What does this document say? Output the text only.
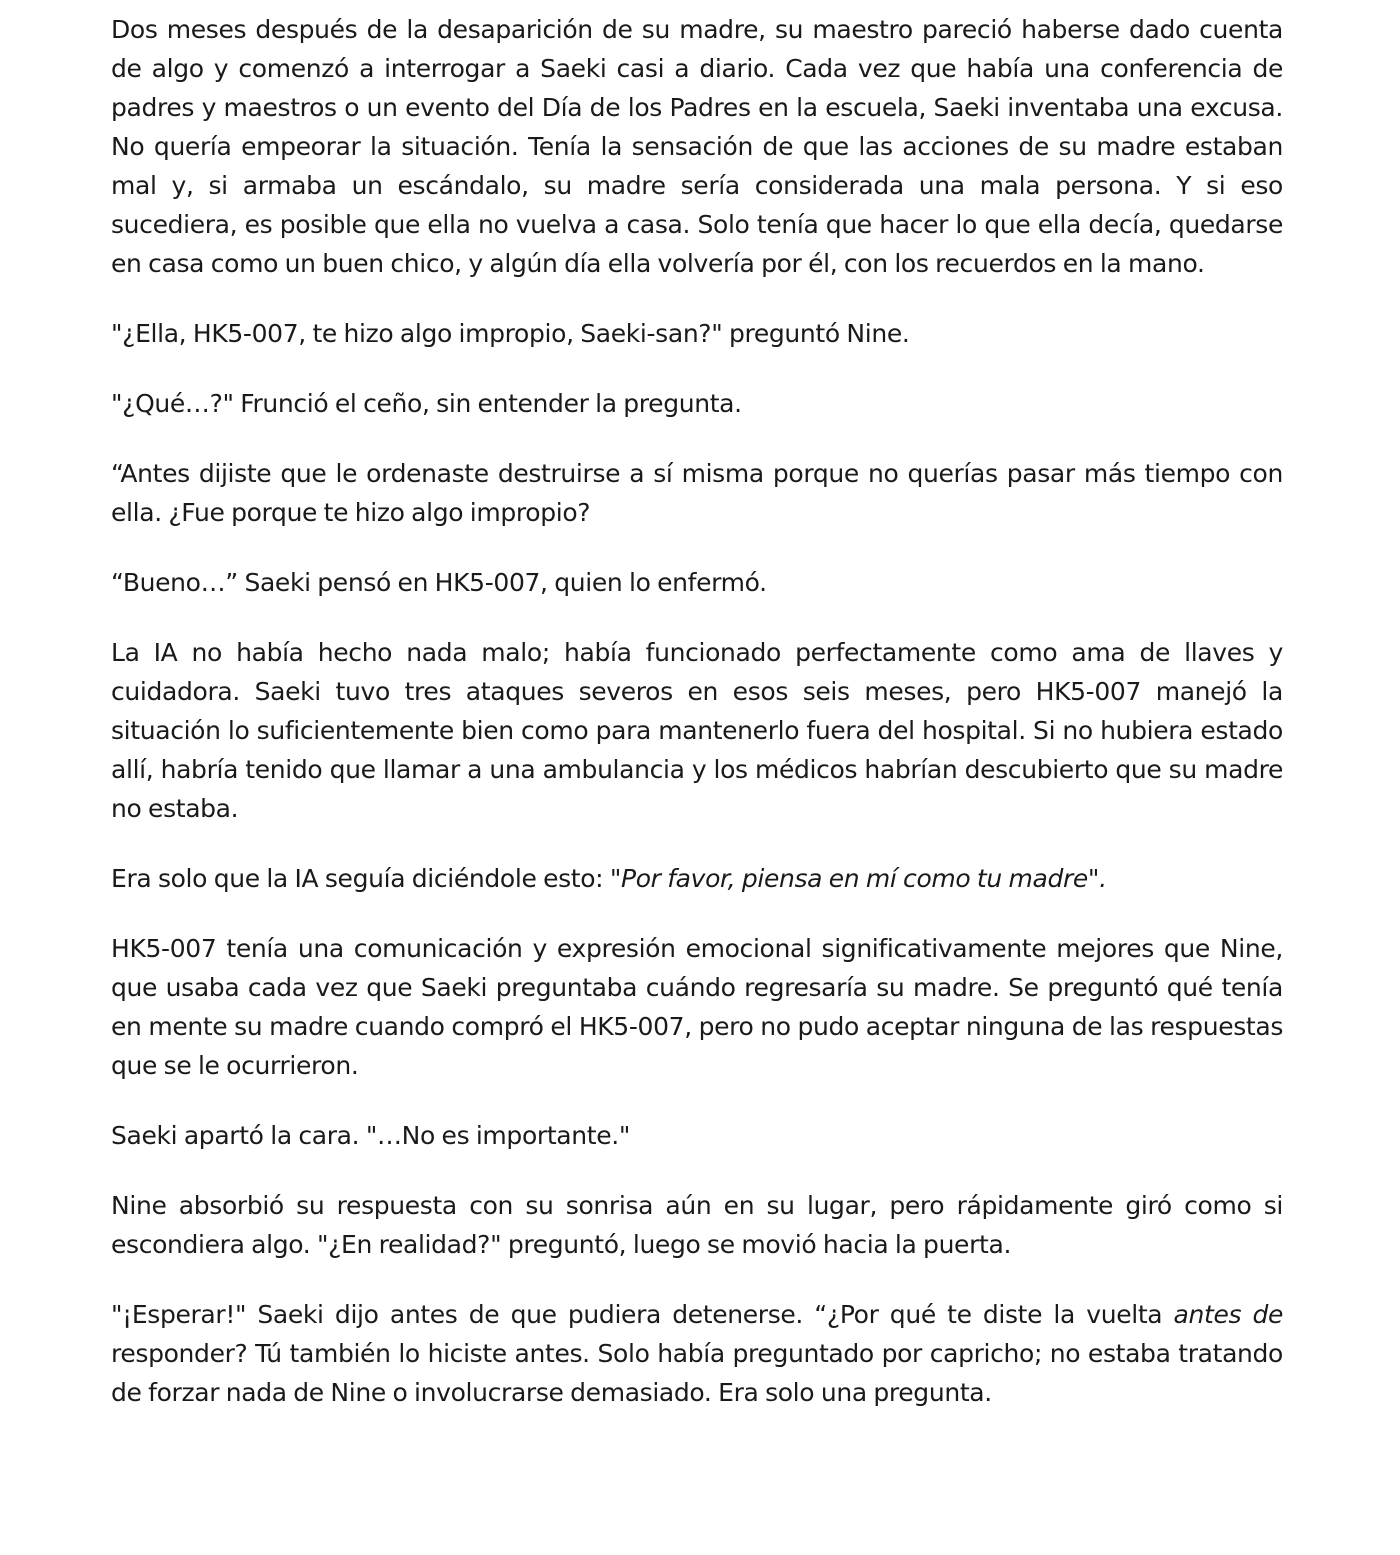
Dos meses después de la desaparición de su madre, su maestro pareció haberse dado cuenta de algo y comenzó a interrogar a Saeki casi a diario. Cada vez que había una conferencia de padres y maestros o un evento del Día de los Padres en la escuela, Saeki inventaba una excusa. No quería empeorar la situación. Tenía la sensación de que las acciones de su madre estaban mal y, si armaba un escándalo, su madre sería considerada una mala persona. Y si eso sucediera, es posible que ella no vuelva a casa. Solo tenía que hacer lo que ella decía, quedarse en casa como un buen chico, y algún día ella volvería por él, con los recuerdos en la mano.

"¿Ella, HK5-007, te hizo algo impropio, Saeki-san?" preguntó Nine.

"¿Qué…?" Frunció el ceño, sin entender la pregunta.

“Antes dijiste que le ordenaste destruirse a sí misma porque no querías pasar más tiempo con ella. ¿Fue porque te hizo algo impropio?

“Bueno…” Saeki pensó en HK5-007, quien lo enfermó.

La IA no había hecho nada malo; había funcionado perfectamente como ama de llaves y cuidadora. Saeki tuvo tres ataques severos en esos seis meses, pero HK5-007 manejó la situación lo suficientemente bien como para mantenerlo fuera del hospital. Si no hubiera estado allí, habría tenido que llamar a una ambulancia y los médicos habrían descubierto que su madre no estaba.

Era solo que la IA seguía diciéndole esto: "Por favor, piensa en mí como tu madre".

HK5-007 tenía una comunicación y expresión emocional significativamente mejores que Nine, que usaba cada vez que Saeki preguntaba cuándo regresaría su madre. Se preguntó qué tenía en mente su madre cuando compró el HK5-007, pero no pudo aceptar ninguna de las respuestas que se le ocurrieron.

Saeki apartó la cara. "…No es importante."

Nine absorbió su respuesta con su sonrisa aún en su lugar, pero rápidamente giró como si escondiera algo. "¿En realidad?" preguntó, luego se movió hacia la puerta.

"¡Esperar!" Saeki dijo antes de que pudiera detenerse. “¿Por qué te diste la vuelta antes de responder? Tú también lo hiciste antes. Solo había preguntado por capricho; no estaba tratando de forzar nada de Nine o involucrarse demasiado. Era solo una pregunta.
